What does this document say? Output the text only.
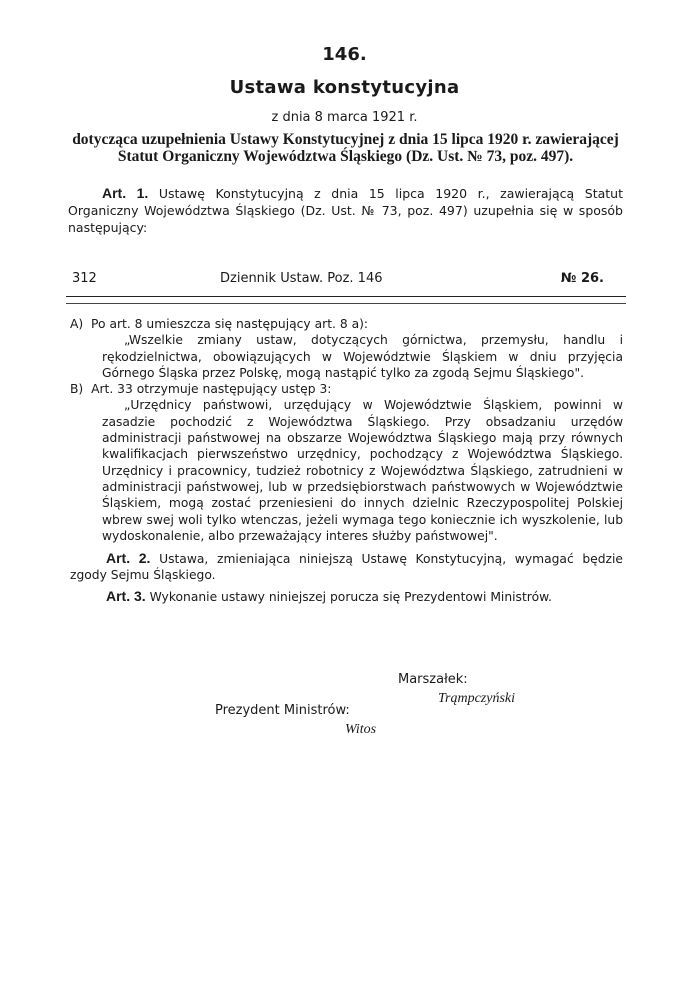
146.
Ustawa konstytucyjna
z dnia 8 marca 1921 r.
dotycząca uzupełnienia Ustawy Konstytucyjnej z dnia 15 lipca 1920 r. zawierającej Statut Organiczny Województwa Śląskiego (Dz. Ust. № 73, poz. 497).
Art. 1. Ustawę Konstytucyjną z dnia 15 lipca 1920 r., zawierającą Statut Organiczny Województwa Śląskiego (Dz. Ust. № 73, poz. 497) uzupełnia się w sposób następujący:
312	Dziennik Ustaw. Poz. 146	№ 26.

A) Po art. 8 umieszcza się następujący art. 8 a):

„Wszelkie zmiany ustaw, dotyczących górnictwa, przemysłu, handlu i rękodzielnictwa, obowiązujących w Województwie Śląskiem w dniu przyjęcia Górnego Śląska przez Polskę, mogą nastąpić tylko za zgodą Sejmu Śląskiego".

B) Art. 33 otrzymuje następujący ustęp 3:

„Urzędnicy państwowi, urzędujący w Województwie Śląskiem, powinni w zasadzie pochodzić z Województwa Śląskiego. Przy obsadzaniu urzędów administracji państwowej na obszarze Województwa Śląskiego mają przy równych kwalifikacjach pierwszeństwo urzędnicy, pochodzący z Województwa Śląskiego. Urzędnicy i pracownicy, tudzież robotnicy z Województwa Śląskiego, zatrudnieni w administracji państwowej, lub w przedsiębiorstwach państwowych w Województwie Śląskiem, mogą zostać przeniesieni do innych dzielnic Rzeczypospolitej Polskiej wbrew swej woli tylko wtenczas, jeżeli wymaga tego koniecznie ich wyszkolenie, lub wydoskonalenie, albo przeważający interes służby państwowej".

Art. 2. Ustawa, zmieniająca niniejszą Ustawę Konstytucyjną, wymagać będzie zgody Sejmu Śląskiego.

Art. 3. Wykonanie ustawy niniejszej porucza się Prezydentowi Ministrów.

Marszałek:
Trąmpczyński
Prezydent Ministrów:
Witos
